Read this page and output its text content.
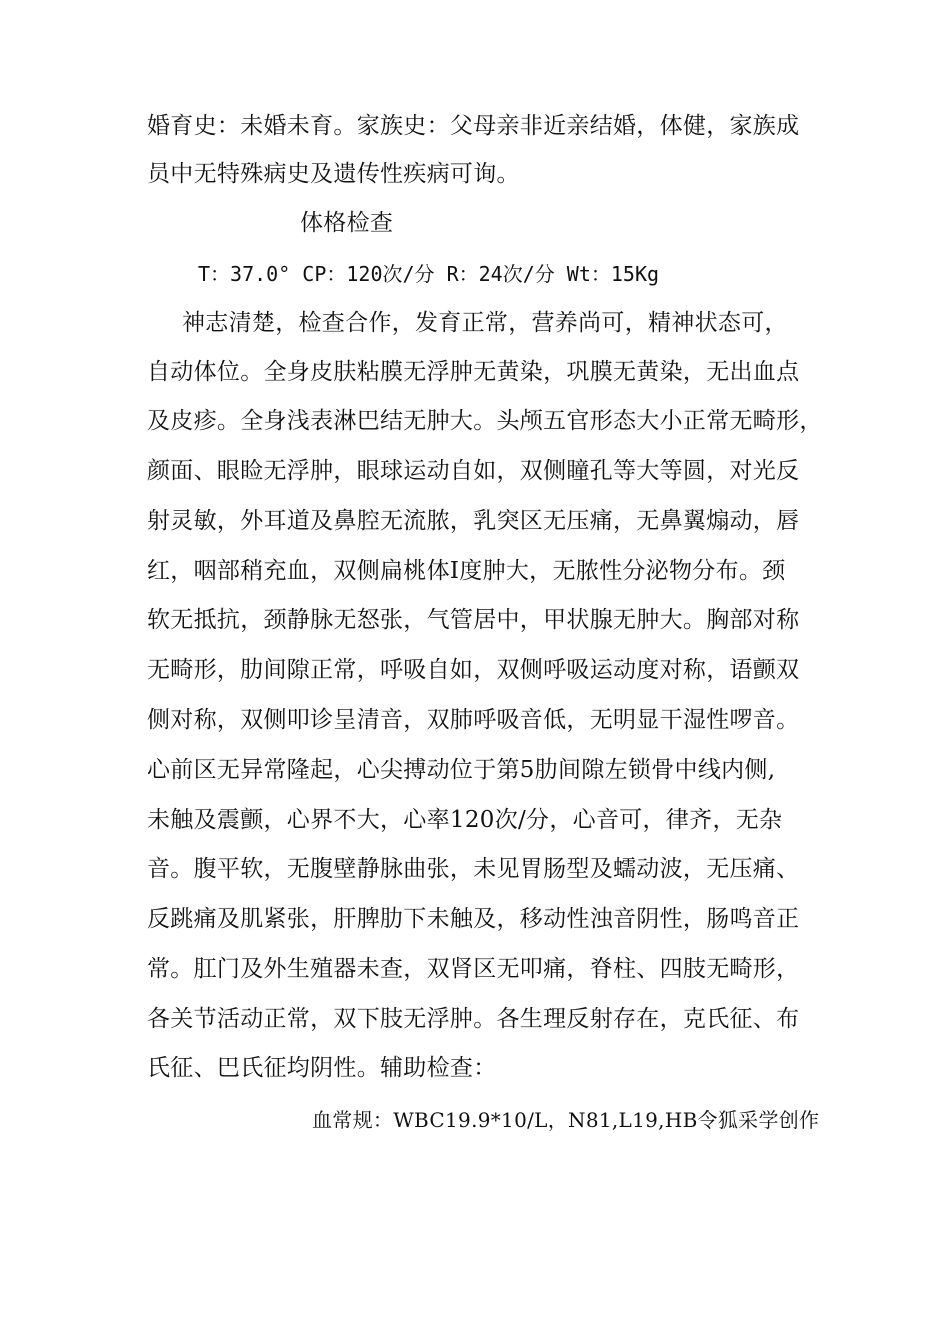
婚育史：未婚未育。家族史：父母亲非近亲结婚，体健，家族成
员中无特殊病史及遗传性疾病可询。
体格检查
T：37.0° CP：120次/分 R：24次/分 Wt：15Kg
神志清楚，检查合作，发育正常，营养尚可，精神状态可，
自动体位。全身皮肤粘膜无浮肿无黄染，巩膜无黄染，无出血点
及皮疹。全身浅表淋巴结无肿大。头颅五官形态大小正常无畸形，
颜面、眼睑无浮肿，眼球运动自如，双侧瞳孔等大等圆，对光反
射灵敏，外耳道及鼻腔无流脓，乳突区无压痛，无鼻翼煽动，唇
红，咽部稍充血，双侧扁桃体Ⅰ度肿大，无脓性分泌物分布。颈
软无抵抗，颈静脉无怒张，气管居中，甲状腺无肿大。胸部对称
无畸形，肋间隙正常，呼吸自如，双侧呼吸运动度对称，语颤双
侧对称，双侧叩诊呈清音，双肺呼吸音低，无明显干湿性啰音。
心前区无异常隆起，心尖搏动位于第5肋间隙左锁骨中线内侧,
未触及震颤，心界不大，心率120次/分，心音可，律齐，无杂
音。腹平软，无腹壁静脉曲张，未见胃肠型及蠕动波，无压痛、
反跳痛及肌紧张，肝脾肋下未触及，移动性浊音阴性，肠鸣音正
常。肛门及外生殖器未查，双肾区无叩痛，脊柱、四肢无畸形，
各关节活动正常，双下肢无浮肿。各生理反射存在，克氏征、布
氏征、巴氏征均阴性。辅助检查：
血常规：WBC19.9*10/L，N81,L19,HB令狐采学创作
